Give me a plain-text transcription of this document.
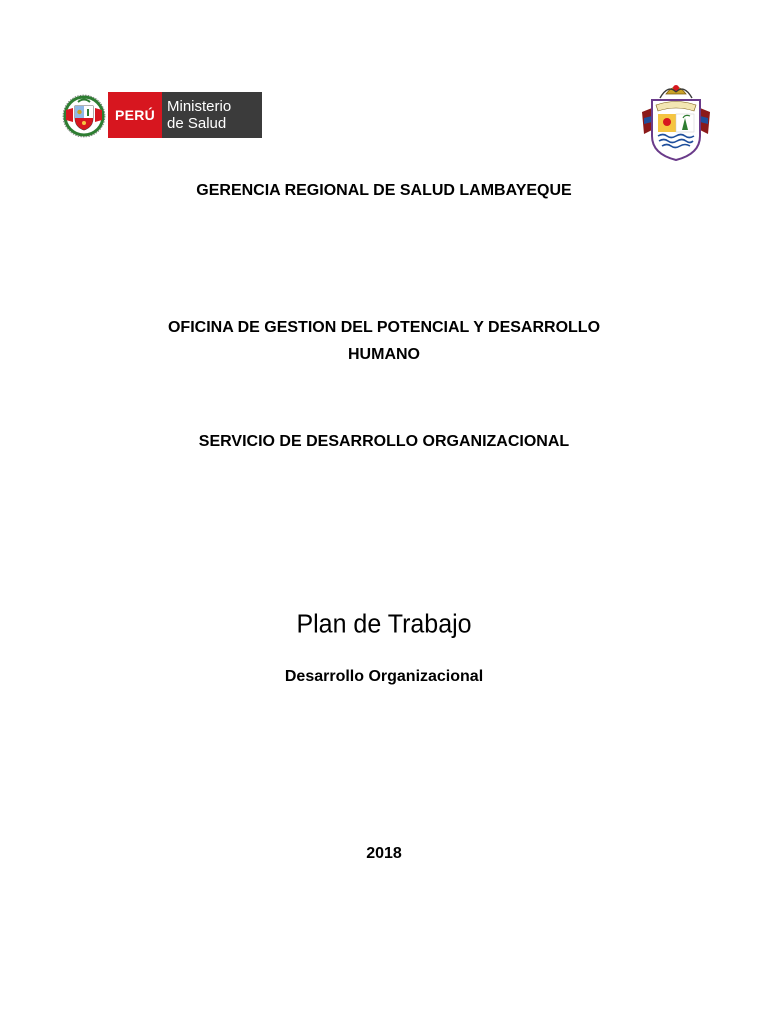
PERÚ Ministerio
de Salud
GERENCIA REGIONAL DE SALUD LAMBAYEQUE
OFICINA DE GESTION DEL POTENCIAL Y DESARROLLO HUMANO
SERVICIO DE DESARROLLO ORGANIZACIONAL
Plan de Trabajo
Desarrollo Organizacional
2018
